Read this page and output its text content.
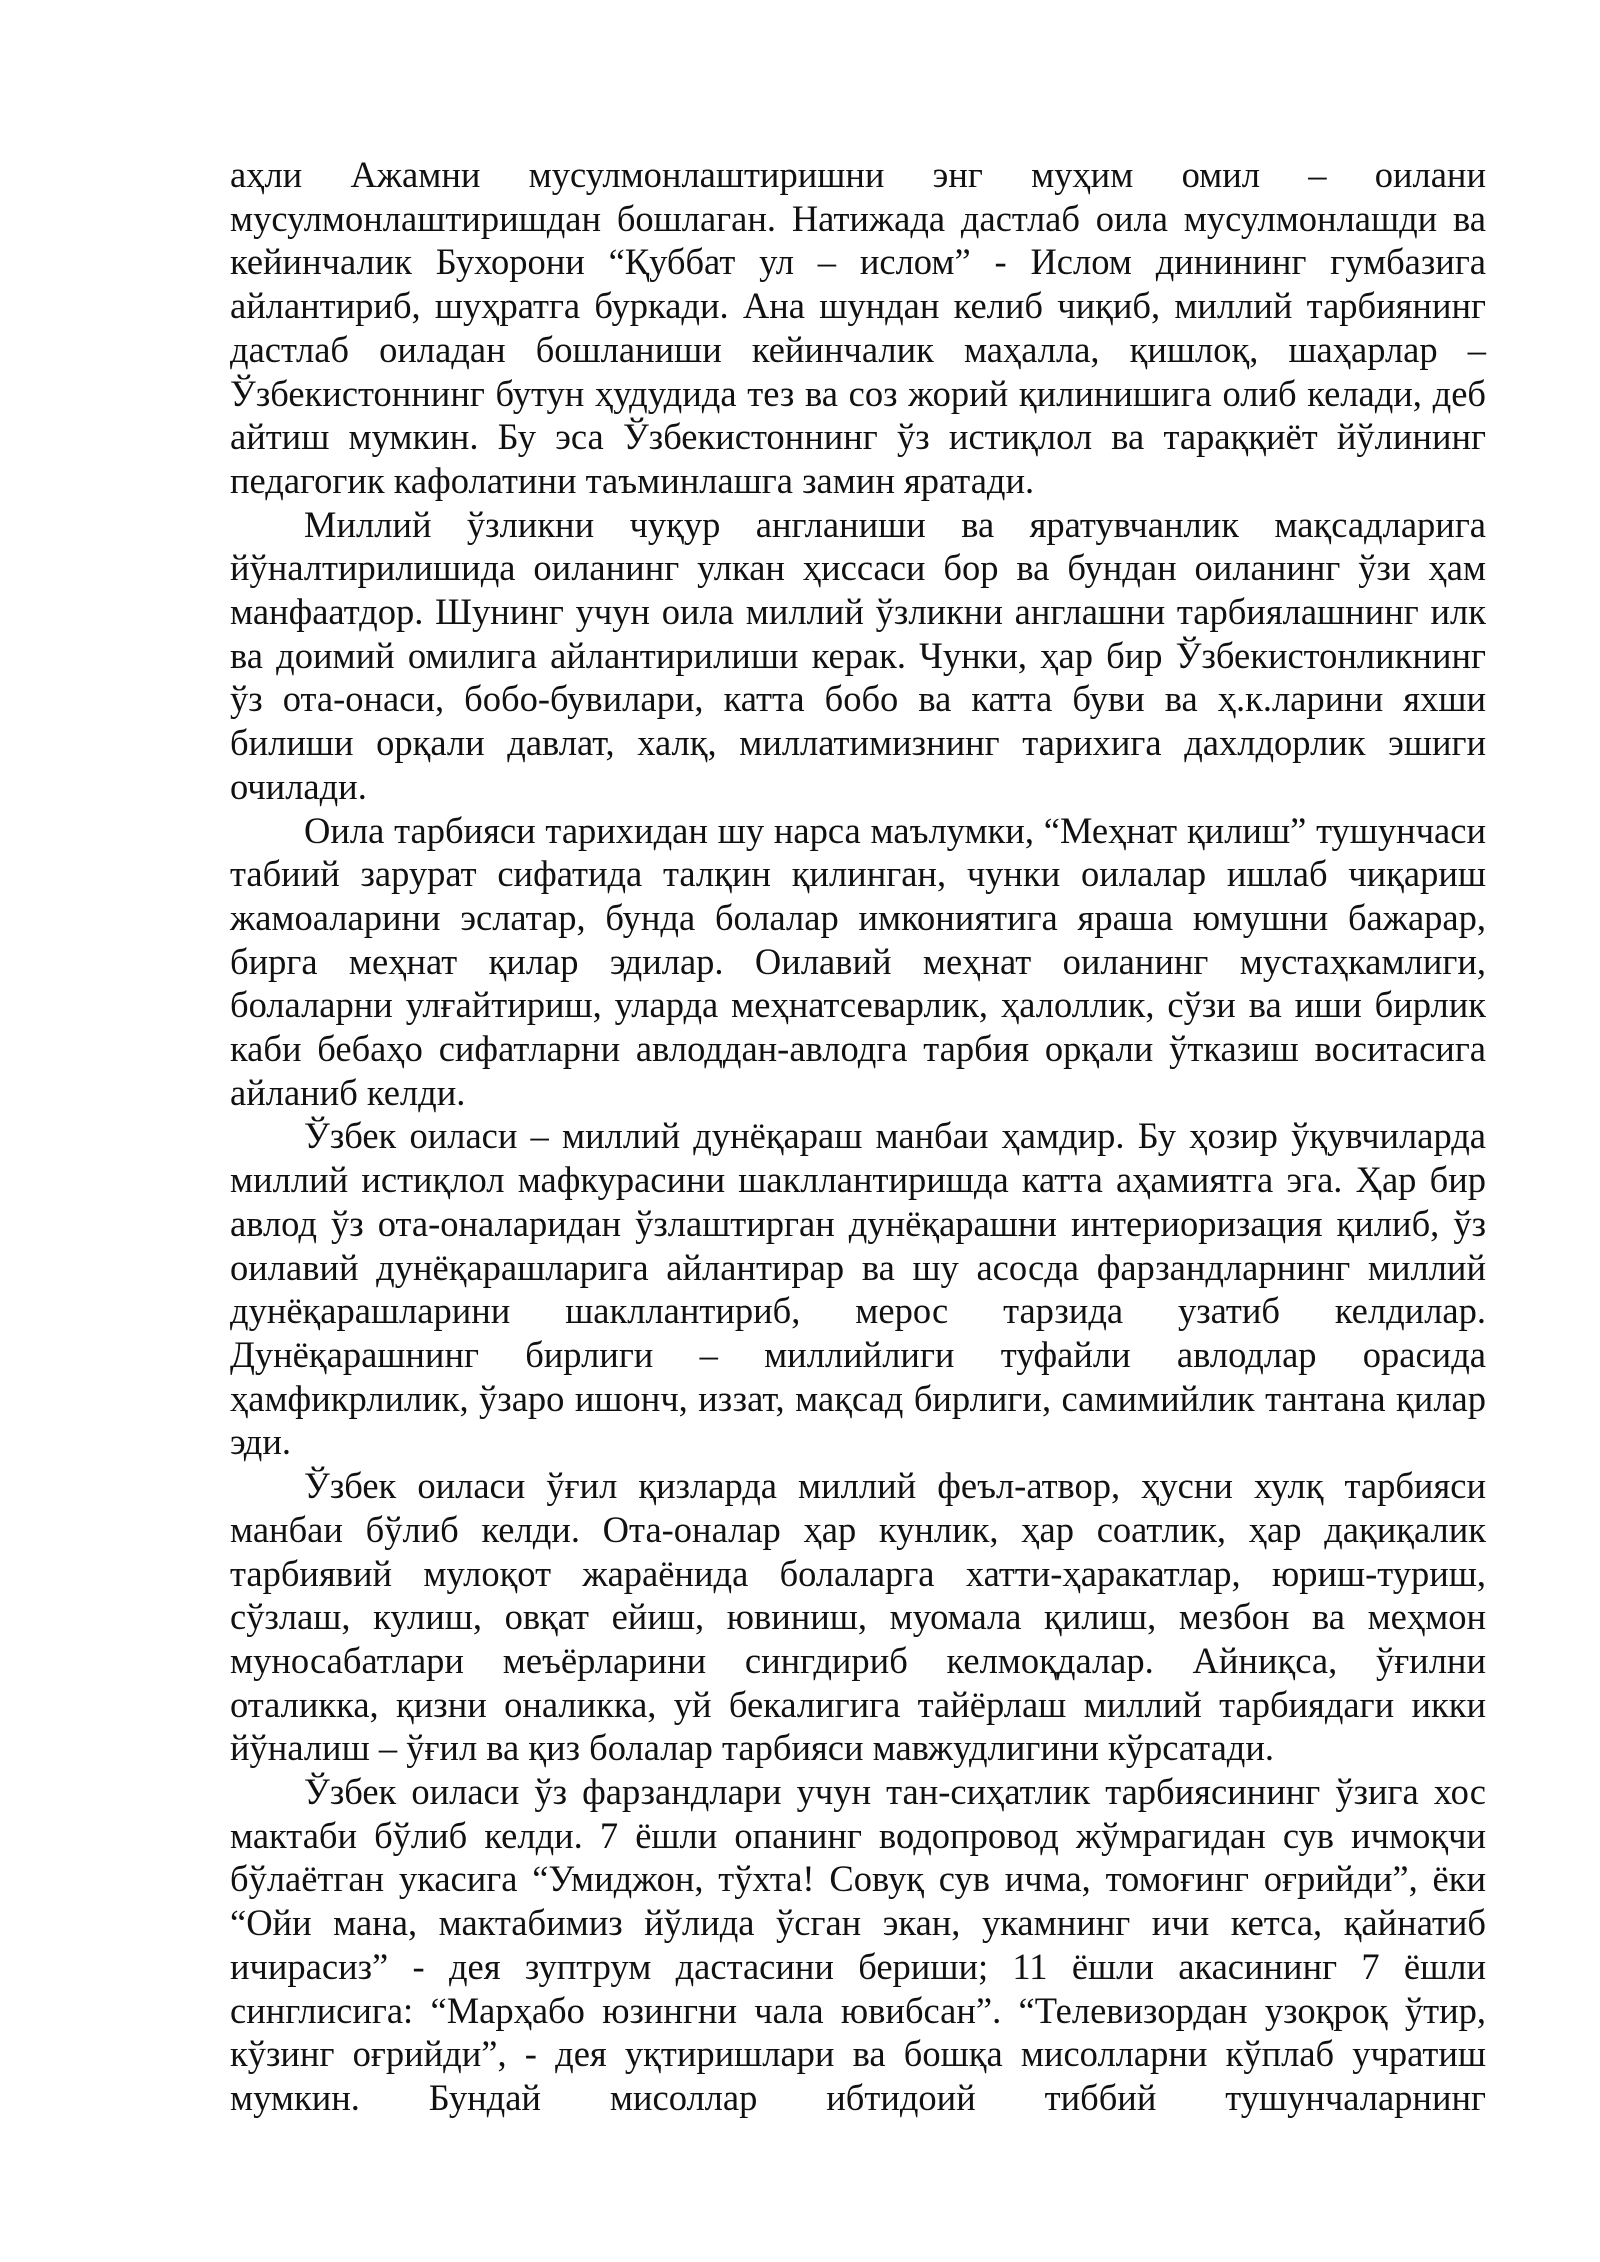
аҳли Ажамни мусулмонлаштиришни энг муҳим омил – оилани мусулмонлаштиришдан бошлаган. Натижада дастлаб оила мусулмонлашди ва кейинчалик Бухорони “Қуббат ул – ислом” - Ислом динининг гумбазига айлантириб, шуҳратга буркади. Ана шундан келиб чиқиб, миллий тарбиянинг дастлаб оиладан бошланиши кейинчалик маҳалла, қишлоқ, шаҳарлар – Ўзбекистоннинг бутун ҳудудида тез ва соз жорий қилинишига олиб келади, деб айтиш мумкин. Бу эса Ўзбекистоннинг ўз истиқлол ва тараққиёт йўлининг педагогик кафолатини таъминлашга замин яратади.

Миллий ўзликни чуқур англаниши ва яратувчанлик мақсадларига йўналтирилишида оиланинг улкан ҳиссаси бор ва бундан оиланинг ўзи ҳам манфаатдор. Шунинг учун оила миллий ўзликни англашни тарбиялашнинг илк ва доимий омилига айлантирилиши керак. Чунки, ҳар бир Ўзбекистонликнинг ўз ота-онаси, бобо-бувилари, катта бобо ва катта буви ва ҳ.к.ларини яхши билиши орқали давлат, халқ, миллатимизнинг тарихига дахлдорлик эшиги очилади.

Оила тарбияси тарихидан шу нарса маълумки, “Меҳнат қилиш” тушунчаси табиий зарурат сифатида талқин қилинган, чунки оилалар ишлаб чиқариш жамоаларини эслатар, бунда болалар имкониятига яраша юмушни бажарар, бирга меҳнат қилар эдилар. Оилавий меҳнат оиланинг мустаҳкамлиги, болаларни улғайтириш, уларда меҳнатсеварлик, ҳалоллик, сўзи ва иши бирлик каби бебаҳо сифатларни авлоддан-авлодга тарбия орқали ўтказиш воситасига айланиб келди.

Ўзбек оиласи – миллий дунёқараш манбаи ҳамдир. Бу ҳозир ўқувчиларда миллий истиқлол мафкурасини шакллантиришда катта аҳамиятга эга. Ҳар бир авлод ўз ота-оналаридан ўзлаштирган дунёқарашни интериоризация қилиб, ўз оилавий дунёқарашларига айлантирар ва шу асосда фарзандларнинг миллий дунёқарашларини шакллантириб, мерос тарзида узатиб келдилар. Дунёқарашнинг бирлиги – миллийлиги туфайли авлодлар орасида ҳамфикрлилик, ўзаро ишонч, иззат, мақсад бирлиги, самимийлик тантана қилар эди.

Ўзбек оиласи ўғил қизларда миллий феъл-атвор, ҳусни хулқ тарбияси манбаи бўлиб келди. Ота-оналар ҳар кунлик, ҳар соатлик, ҳар дақиқалик тарбиявий мулоқот жараёнида болаларга хатти-ҳаракатлар, юриш-туриш, сўзлаш, кулиш, овқат ейиш, ювиниш, муомала қилиш, мезбон ва меҳмон муносабатлари меъёрларини сингдириб келмоқдалар. Айниқса, ўғилни оталикка, қизни оналикка, уй бекалигига тайёрлаш миллий тарбиядаги икки йўналиш – ўғил ва қиз болалар тарбияси мавжудлигини кўрсатади.

Ўзбек оиласи ўз фарзандлари учун тан-сиҳатлик тарбиясининг ўзига хос мактаби бўлиб келди. 7 ёшли опанинг водопровод жўмрагидан сув ичмоқчи бўлаётган укасига “Умиджон, тўхта! Совуқ сув ичма, томоғинг оғрийди”, ёки “Ойи мана, мактабимиз йўлида ўсган экан, укамнинг ичи кетса, қайнатиб ичирасиз” - дея зуптрум дастасини бериши; 11 ёшли акасининг 7 ёшли синглисига: “Марҳабо юзингни чала ювибсан”. “Телевизордан узоқроқ ўтир, кўзинг оғрийди”, - дея уқтиришлари ва бошқа мисолларни кўплаб учратиш мумкин. Бундай мисоллар ибтидоий тиббий тушунчаларнинг
